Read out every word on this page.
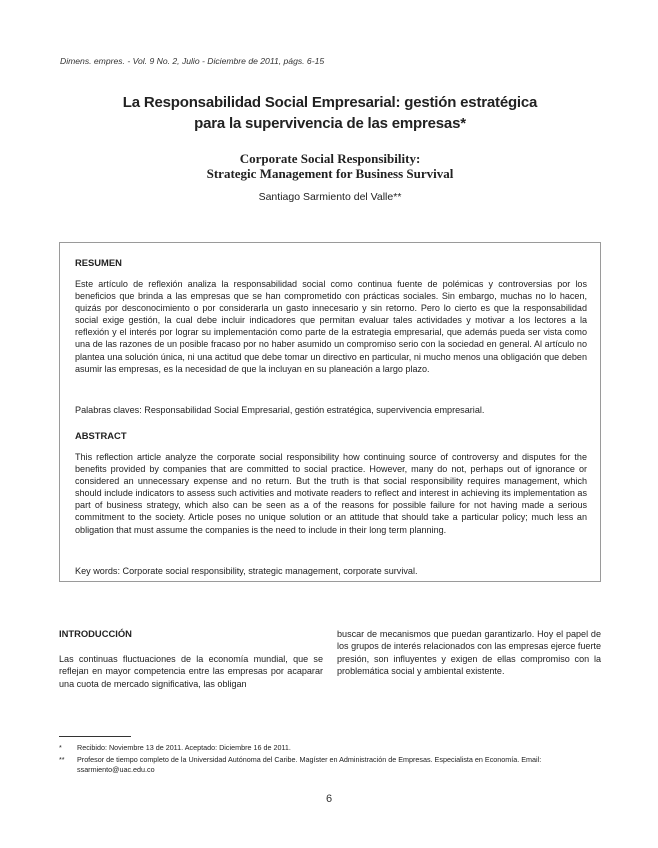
Dimens. empres. - Vol. 9 No. 2, Julio - Diciembre de 2011, págs. 6-15
La Responsabilidad Social Empresarial: gestión estratégica
para la supervivencia de las empresas*
Corporate Social Responsibility:
Strategic Management for Business Survival
Santiago Sarmiento del Valle**
RESUMEN
Este artículo de reflexión analiza la responsabilidad social como continua fuente de polémicas y controversias por los beneficios que brinda a las empresas que se han comprometido con prácticas sociales. Sin embargo, muchas no lo hacen, quizás por desconocimiento o por considerarla un gasto innecesario y sin retorno. Pero lo cierto es que la responsabilidad social exige gestión, la cual debe incluir indicadores que permitan evaluar tales actividades y motivar a los lectores a la reflexión y el interés por lograr su implementación como parte de la estrategia empresarial, que además pueda ser vista como una de las razones de un posible fracaso por no haber asumido un compromiso serio con la sociedad en general. Al artículo no plantea una solución única, ni una actitud que debe tomar un directivo en particular, ni mucho menos una obligación que deben asumir las empresas, es la necesidad de que la incluyan en su planeación a largo plazo.
Palabras claves: Responsabilidad Social Empresarial, gestión estratégica, supervivencia empresarial.
ABSTRACT
This reflection article analyze the corporate social responsibility how continuing source of controversy and disputes for the benefits provided by companies that are committed to social practice. However, many do not, perhaps out of ignorance or considered an unnecessary expense and no return. But the truth is that social responsibility requires management, which should include indicators to assess such activities and motivate readers to reflect and interest in achieving its implementation as part of business strategy, which also can be seen as a of the reasons for possible failure for not having made a serious commitment to the society. Article poses no unique solution or an attitude that should take a particular policy; much less an obligation that must assume the companies is the need to include in their long term planning.
Key words: Corporate social responsibility, strategic management, corporate survival.
INTRODUCCIÓN
Las continuas fluctuaciones de la economía mundial, que se reflejan en mayor competencia entre las empresas por acaparar una cuota de mercado significativa, las obligan
buscar de mecanismos que puedan garantizarlo. Hoy el papel de los grupos de interés relacionados con las empresas ejerce fuerte presión, son influyentes y exigen de ellas compromiso con la problemática social y ambiental existente.
*	Recibido: Noviembre 13 de 2011. Aceptado: Diciembre 16 de 2011.
**	Profesor de tiempo completo de la Universidad Autónoma del Caribe. Magíster en Administración de Empresas. Especialista en Economía. Email: ssarmiento@uac.edu.co
6
